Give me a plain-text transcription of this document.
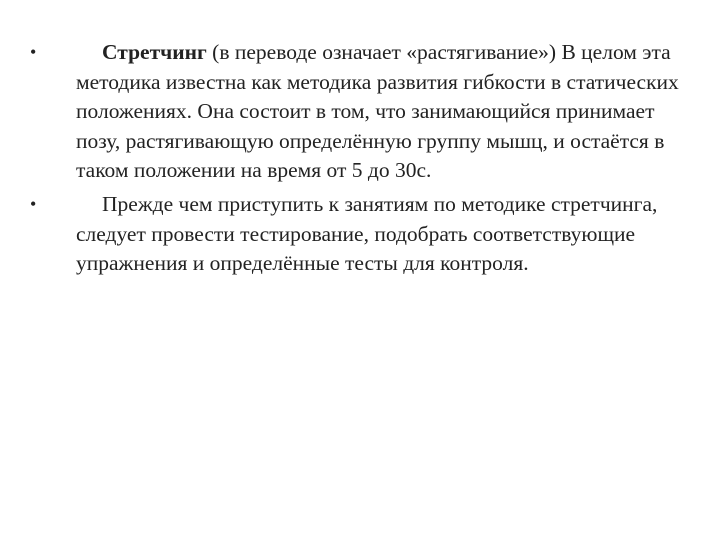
•	Стретчинг (в переводе означает «растягивание») В целом эта методика известна как методика развития гибкости в статических положениях. Она состоит в том, что занимающийся принимает позу, растягивающую определённую группу мышц, и остаётся в таком положении на время от 5 до 30с.
•	Прежде чем приступить к занятиям по методике стретчинга, следует провести тестирование, подобрать соответствующие упражнения и определённые тесты для контроля.
